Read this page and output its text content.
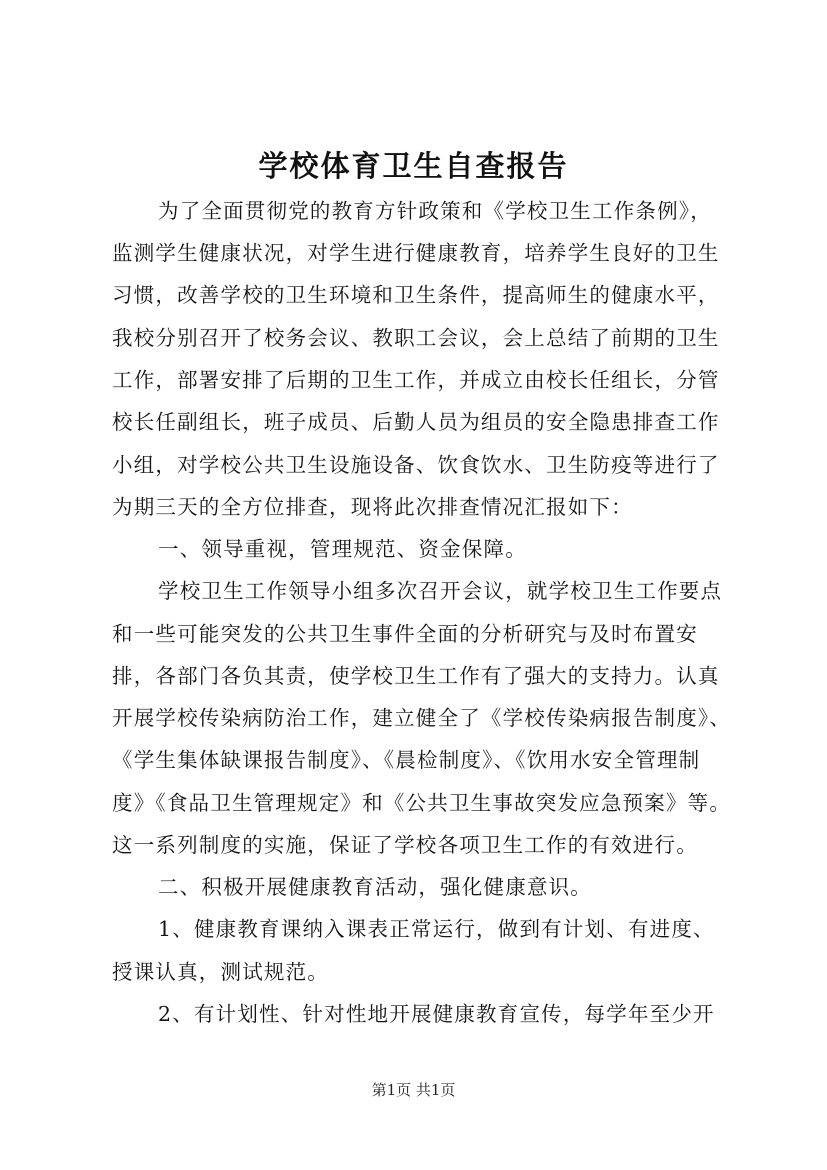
学校体育卫生自查报告
为了全面贯彻党的教育方针政策和《学校卫生工作条例》，
监测学生健康状况，对学生进行健康教育，培养学生良好的卫生
习惯，改善学校的卫生环境和卫生条件，提高师生的健康水平，
我校分别召开了校务会议、教职工会议，会上总结了前期的卫生
工作，部署安排了后期的卫生工作，并成立由校长任组长，分管
校长任副组长，班子成员、后勤人员为组员的安全隐患排查工作
小组，对学校公共卫生设施设备、饮食饮水、卫生防疫等进行了
为期三天的全方位排查，现将此次排查情况汇报如下：
一、领导重视，管理规范、资金保障。
学校卫生工作领导小组多次召开会议，就学校卫生工作要点
和一些可能突发的公共卫生事件全面的分析研究与及时布置安
排，各部门各负其责，使学校卫生工作有了强大的支持力。认真
开展学校传染病防治工作，建立健全了《学校传染病报告制度》、
《学生集体缺课报告制度》、《晨检制度》、《饮用水安全管理制
度》《食品卫生管理规定》和《公共卫生事故突发应急预案》等。
这一系列制度的实施，保证了学校各项卫生工作的有效进行。
二、积极开展健康教育活动，强化健康意识。
1、健康教育课纳入课表正常运行，做到有计划、有进度、
授课认真，测试规范。
2、有计划性、针对性地开展健康教育宣传，每学年至少开
第1页 共1页
